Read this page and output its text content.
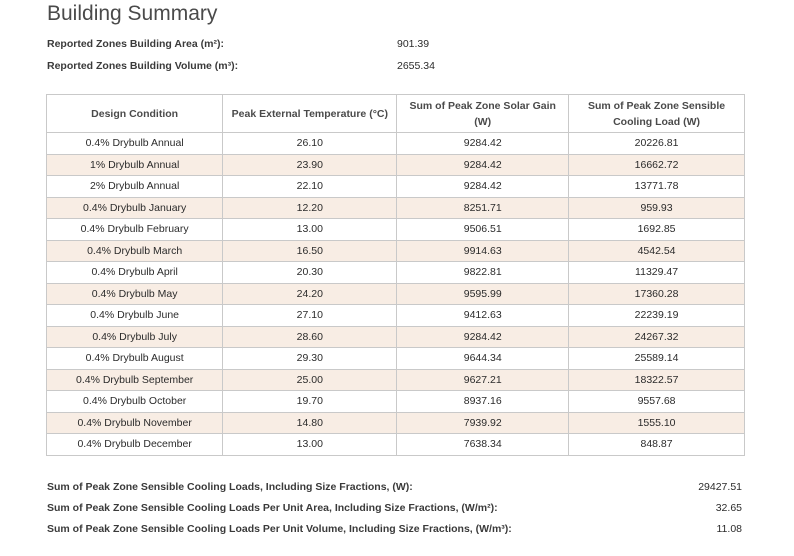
Building Summary
Reported Zones Building Area (m²):	901.39
Reported Zones Building Volume (m³):	2655.34
Design Condition	Peak External Temperature (°C)	Sum of Peak Zone Solar Gain (W)	Sum of Peak Zone Sensible Cooling Load (W)
0.4% Drybulb Annual	26.10	9284.42	20226.81
1% Drybulb Annual	23.90	9284.42	16662.72
2% Drybulb Annual	22.10	9284.42	13771.78
0.4% Drybulb January	12.20	8251.71	959.93
0.4% Drybulb February	13.00	9506.51	1692.85
0.4% Drybulb March	16.50	9914.63	4542.54
0.4% Drybulb April	20.30	9822.81	11329.47
0.4% Drybulb May	24.20	9595.99	17360.28
0.4% Drybulb June	27.10	9412.63	22239.19
0.4% Drybulb July	28.60	9284.42	24267.32
0.4% Drybulb August	29.30	9644.34	25589.14
0.4% Drybulb September	25.00	9627.21	18322.57
0.4% Drybulb October	19.70	8937.16	9557.68
0.4% Drybulb November	14.80	7939.92	1555.10
0.4% Drybulb December	13.00	7638.34	848.87
Sum of Peak Zone Sensible Cooling Loads, Including Size Fractions, (W):	29427.51
Sum of Peak Zone Sensible Cooling Loads Per Unit Area, Including Size Fractions, (W/m²):	32.65
Sum of Peak Zone Sensible Cooling Loads Per Unit Volume, Including Size Fractions, (W/m³):	11.08
